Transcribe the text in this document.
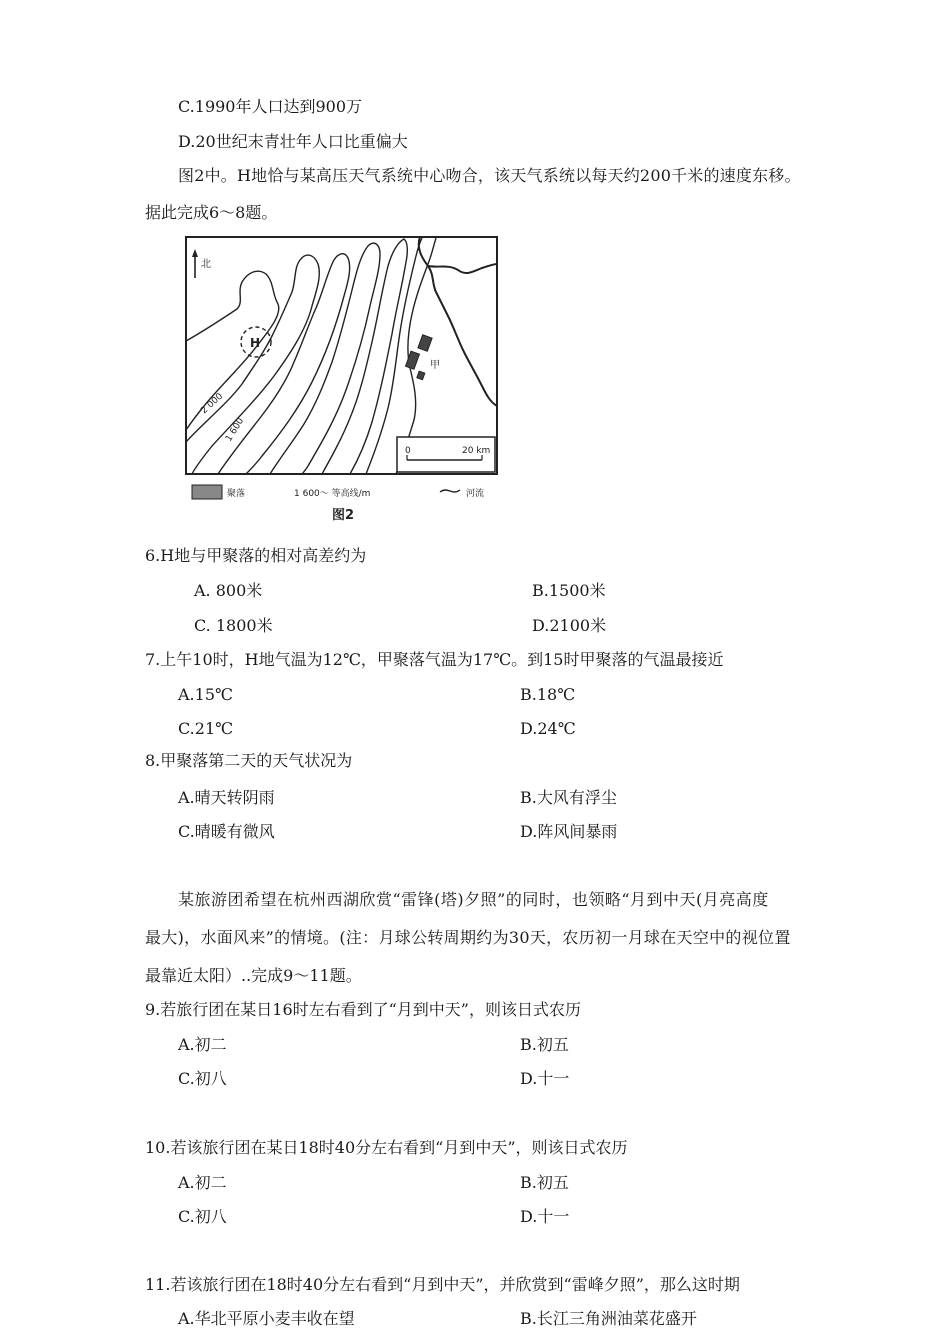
C.1990年人口达到900万
D.20世纪末青壮年人口比重偏大
图2中。H地恰与某高压天气系统中心吻合，该天气系统以每天约200千米的速度东移。
据此完成6～8题。
北
H
2 000
1 600
甲
0	20 km
聚落	1 600～ 等高线/m	河流
图2
6.H地与甲聚落的相对高差约为
A. 800米	B.1500米
C. 1800米	D.2100米
7.上午10时，H地气温为12℃，甲聚落气温为17℃。到15时甲聚落的气温最接近
A.15℃	B.18℃
C.21℃	D.24℃
8.甲聚落第二天的天气状况为
A.晴天转阴雨	B.大风有浮尘
C.晴暖有微风	D.阵风间暴雨
某旅游团希望在杭州西湖欣赏“雷锋(塔)夕照”的同时，也领略“月到中天(月亮高度
最大)，水面风来”的情境。(注：月球公转周期约为30天，农历初一月球在天空中的视位置
最靠近太阳）..完成9～11题。
9.若旅行团在某日16时左右看到了“月到中天”，则该日式农历
A.初二	B.初五
C.初八	D.十一
10.若该旅行团在某日18时40分左右看到“月到中天”，则该日式农历
A.初二	B.初五
C.初八	D.十一
11.若该旅行团在18时40分左右看到“月到中天”，并欣赏到“雷峰夕照”，那么这时期
A.华北平原小麦丰收在望	B.长江三角洲油菜花盛开
